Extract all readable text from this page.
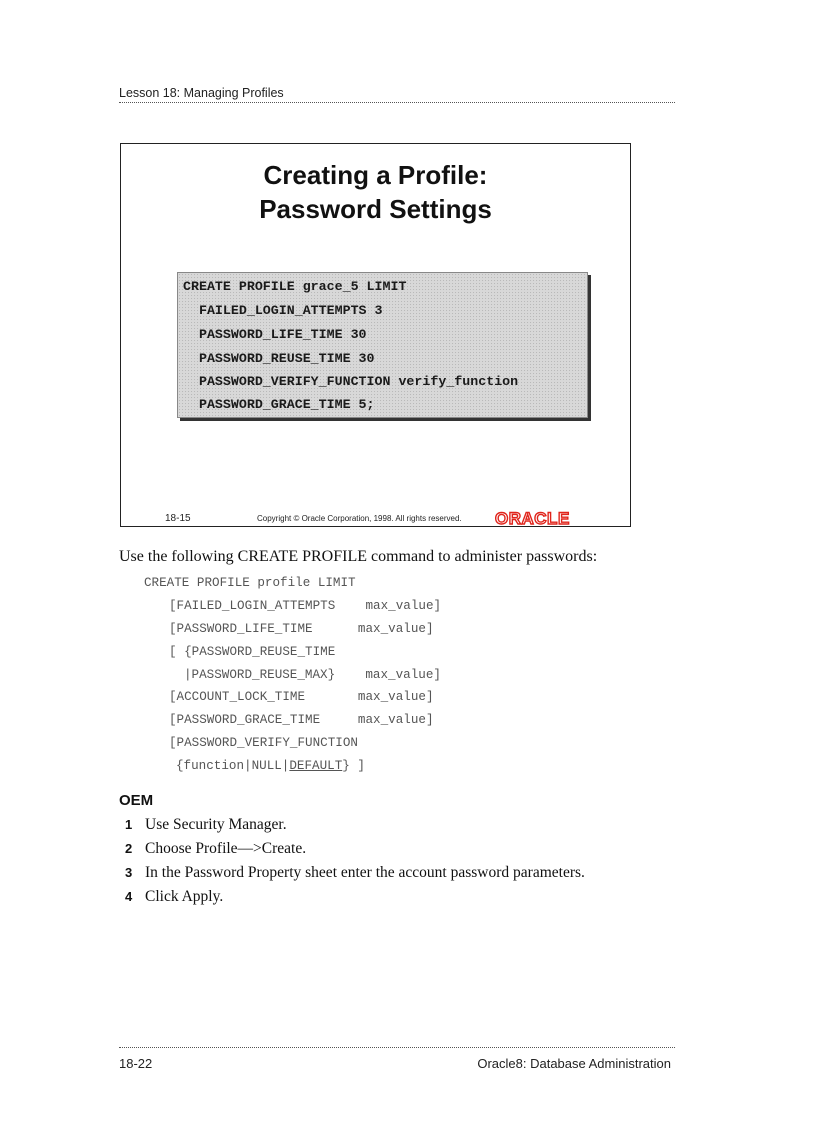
Lesson 18: Managing Profiles
Creating a Profile:
Password Settings
CREATE PROFILE grace_5 LIMIT
FAILED_LOGIN_ATTEMPTS 3
PASSWORD_LIFE_TIME 30
PASSWORD_REUSE_TIME 30
PASSWORD_VERIFY_FUNCTION verify_function
PASSWORD_GRACE_TIME 5;
18-15	Copyright © Oracle Corporation, 1998. All rights reserved. ORACLE
Use the following CREATE PROFILE command to administer passwords:
CREATE PROFILE profile LIMIT
[FAILED_LOGIN_ATTEMPTS    max_value]
[PASSWORD_LIFE_TIME      max_value]
[ {PASSWORD_REUSE_TIME
|PASSWORD_REUSE_MAX}    max_value]
[ACCOUNT_LOCK_TIME       max_value]
[PASSWORD_GRACE_TIME     max_value]
[PASSWORD_VERIFY_FUNCTION
{function|NULL|DEFAULT} ]
OEM
1 Use Security Manager.
2 Choose Profile—>Create.
3 In the Password Property sheet enter the account password parameters.
4 Click Apply.
18-22	Oracle8: Database Administration
